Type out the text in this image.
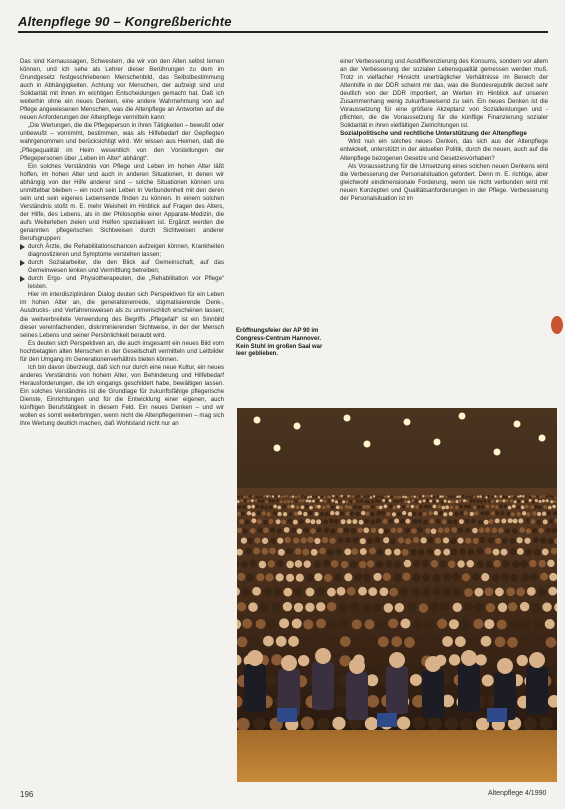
Altenpflege 90 – Kongreßberichte

Das sind Kernaussagen, Schwestern, die wir von den Alten selbst lernen können, und ich sehe als Lehrer dieser Berührungen zu dem im Grundgesetz festgeschriebenen Menschenbild, das Selbstbestimmung auch in Abhängigkeiten. Achtung vor Menschen, der aufzeigt sind und Solidarität mit ihnen im wichtigen Entscheidungen gemacht hat. Daß ich weiterhin ohne ein neues Denken, eine andere Wahrnehmung von auf Pflege angewiesenen Menschen, was die Altenpflege an Antworten auf die neuen Anforderungen der Altenpflege vermitteln kann:

„Die Wertungen, die die Pflegeperson in ihren Tätigkeiten – bewußt oder unbewußt – vornimmt, bestimmen, was als Hilfebedarf der Gepflegten wahrgenommen und berücksichtigt wird. Wir wissen aus Heimen, daß die „Pflegequalität im Heim wesentlich von den Vorstellungen der Pflegepersonen über „Leben im Alter“ abhängt“.

Ein solches Verständnis von Pflege und Leben im hohen Alter läßt hoffen, im hohen Alter und auch in anderen Situationen, in denen wir abhängig von der Hilfe anderer sind – solche Situationen können uns unmittelbar bleiben – ein noch sein Leben in Verbundenheit mit den deren sein und sein eigenes Lebensende finden zu können. In einem solchen Verständnis stoßt m. E. mehr Weisheit im Hinblick auf Fragen des Alters, der Hilfe, des Lebens, als in der Philosophie einer Apparate-Medizin, die aufs Weiterleben zielen und Helfen spezialisiert ist. Ergänzt werden die genannten pflegerischen Sichtweisen durch Sichtweisen anderer Berufsgruppen:

durch Ärzte, die Rehabilitationschancen aufzeigen können, Krankheiten diagnostizieren und Symptome verstehen lassen;
durch Sozialarbeiter, die den Blick auf Gemeinschaft, auf das Gemeinwesen lenken und Vermittlung betreiben;
durch Ergo- und Physiotherapeuten, die „Rehabilitation vor Pflege“ leisten.

Hier im interdisziplinären Dialog deuten sich Perspektiven für ein Leben im hohen Alter an, die generationenrede, stigmatisierende Denk-, Ausdrucks- und Verfahrensweisen als zu unmenschlich erscheinen lassen; die weitverbreitete Verwendung des Begriffs „Pflegefall“ ist ein Sinnbild dieser vereinfachenden, diskriminierenden Sichtweise, in der der Mensch seines Lebens und seiner Persönlichkeit beraubt wird.

Es deuten sich Perspektiven an, die auch insgesamt ein neues Bild vom hochbetagten alten Menschen in der Gesellschaft vermitteln und Leitbilder für den Umgang im Generationenverhältnis bieten können.

Ich bin davon überzeugt, daß sich nur durch eine neue Kultur, ein neues anderes Verständnis von hohem Alter, von Behinderung und Hilfebedarf Herausforderungen, die ich eingangs geschildert habe, bewältigen lassen. Ein solches Verständnis ist die Grundlage für zukunftsfähige pflegerische Dienste, Einrichtungen und für die Entwicklung einer eigenen, auch künftigen Berufstätigkeit in diesem Feld. Ein neues Denken – und wir wollen es somit weiterbringen, wenn nicht die Altenpflegerinnen – mag sich ihre Wertung deutlich machen, daß Wohlstand nicht nur an

einer Verbesserung und Ausdifferenzierung des Konsums, sondern vor allem an der Verbesserung der sozialen Lebensqualität gemessen werden muß. Trotz in vielfacher Hinsicht unerträglicher Verhältnisse im Bereich der Altenhilfe in der DDR scheint mir das, was die Bundesrepublik derzeit sehr deutlich von der DDR importiert, an Werten im Hinblick auf unseren Zusammenhang wenig zukunftsweisend zu sein. Ein neues Denken ist die Voraussetzung für eine größere Akzeptanz von Sozialleistungen und -pflichten, die die Voraussetzung für die künftige Finanzierung sozialer Solidarität in ihren vielfältigen Zielrichtungen ist.

Sozialpolitische und rechtliche Unterstützung der Altenpflege

Wird nun ein solches neues Denken, das sich aus der Altenpflege entwickelt, unterstützt in der aktuellen Politik, durch die neuen, auch auf die Altenpflege bezogenen Gesetze und Gesetzesvorhaben?

Als Voraussetzung für die Umsetzung eines solchen neuen Denkens wird die Verbesserung der Personalsituation gefordert. Denn m. E. richtige, aber gleichwohl eindimensionale Forderung, wenn sie nicht verbunden wird mit neuen Konzepten und Qualitätsanforderungen in der Pflege. Verbesserung der Personalsituation ist im

Eröffnungsfeier der AP 90 im Congress-Centrum Hannover. Kein Stuhl im großen Saal war leer geblieben.
196	Altenpflege 4/1990
